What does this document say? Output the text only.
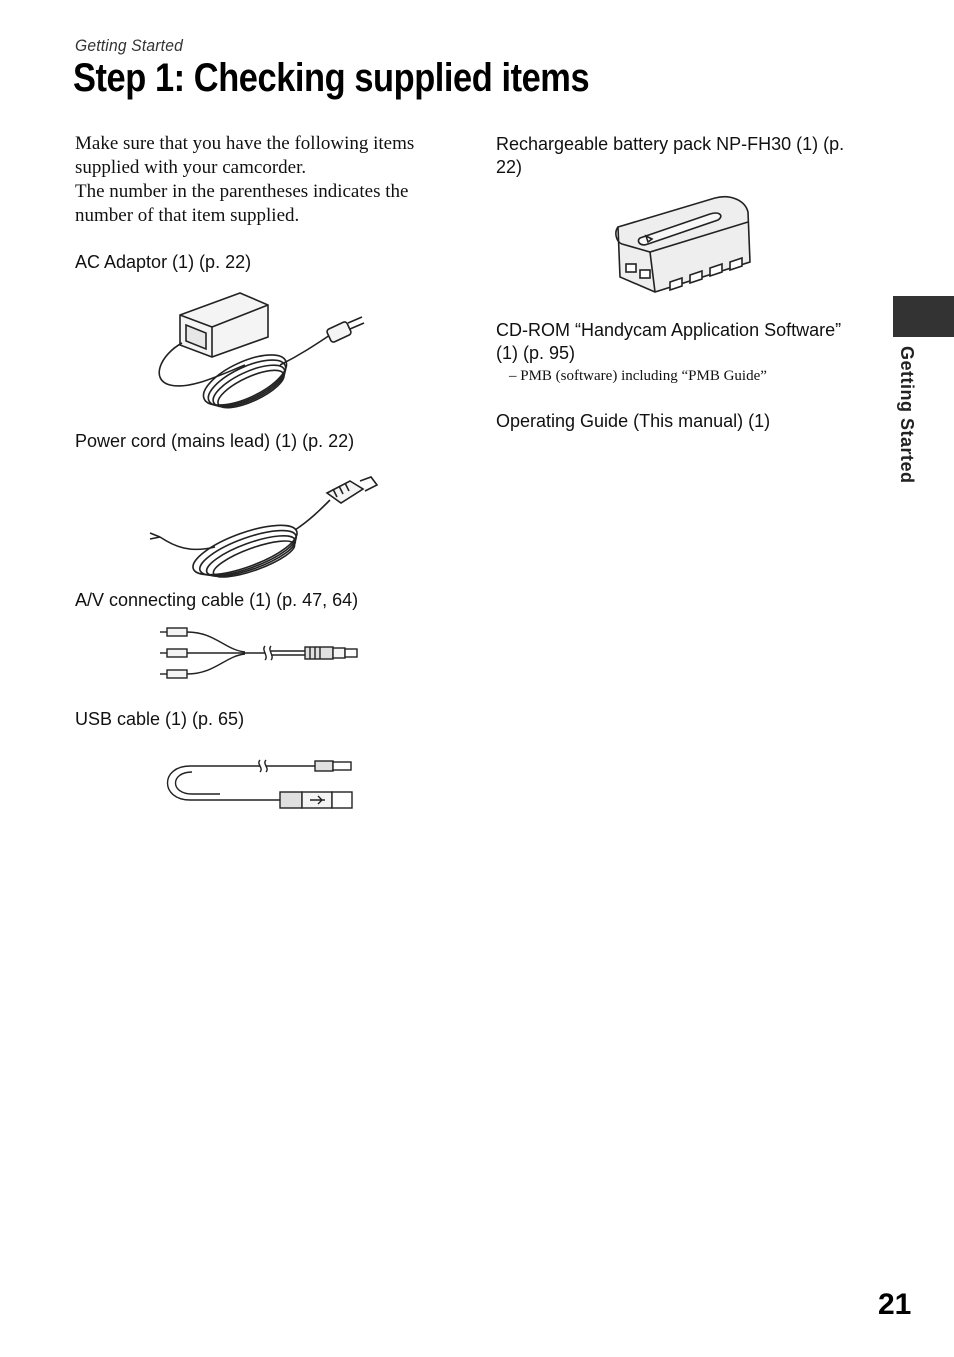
Getting Started
Step 1: Checking supplied items

Make sure that you have the following items supplied with your camcorder.

The number in the parentheses indicates the number of that item supplied.

AC Adaptor (1) (p. 22)

Power cord (mains lead) (1) (p. 22)

A/V connecting cable (1) (p. 47, 64)

USB cable (1) (p. 65)

Rechargeable battery pack NP-FH30 (1) (p. 22)

CD-ROM “Handycam Application Software” (1) (p. 95)

– PMB (software) including “PMB Guide”

Operating Guide (This manual) (1)	Getting Started
21
